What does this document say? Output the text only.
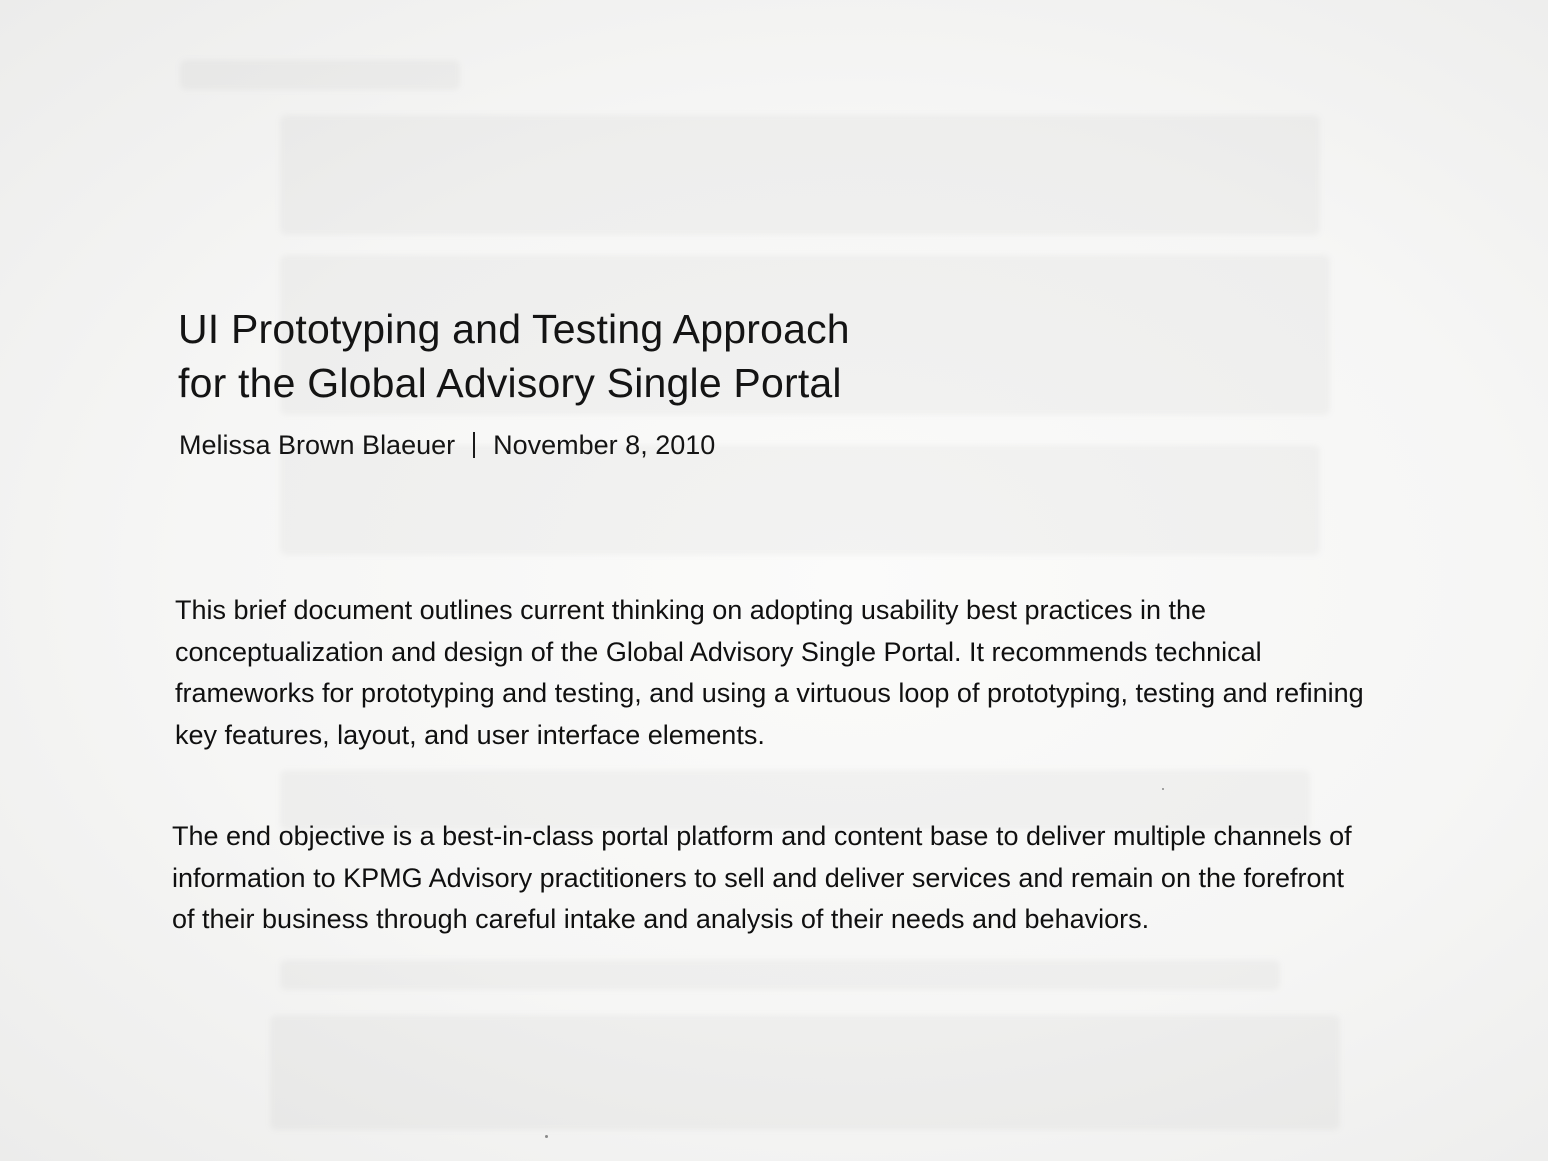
UI Prototyping and Testing Approach
for the Global Advisory Single Portal
Melissa Brown Blaeuer November 8, 2010

This brief document outlines current thinking on adopting usability best practices in the conceptualization and design of the Global Advisory Single Portal. It recommends technical frameworks for prototyping and testing, and using a virtuous loop of prototyping, testing and refining key features, layout, and user interface elements.

The end objective is a best-in-class portal platform and content base to deliver multiple channels of information to KPMG Advisory practitioners to sell and deliver services and remain on the forefront of their business through careful intake and analysis of their needs and behaviors.
